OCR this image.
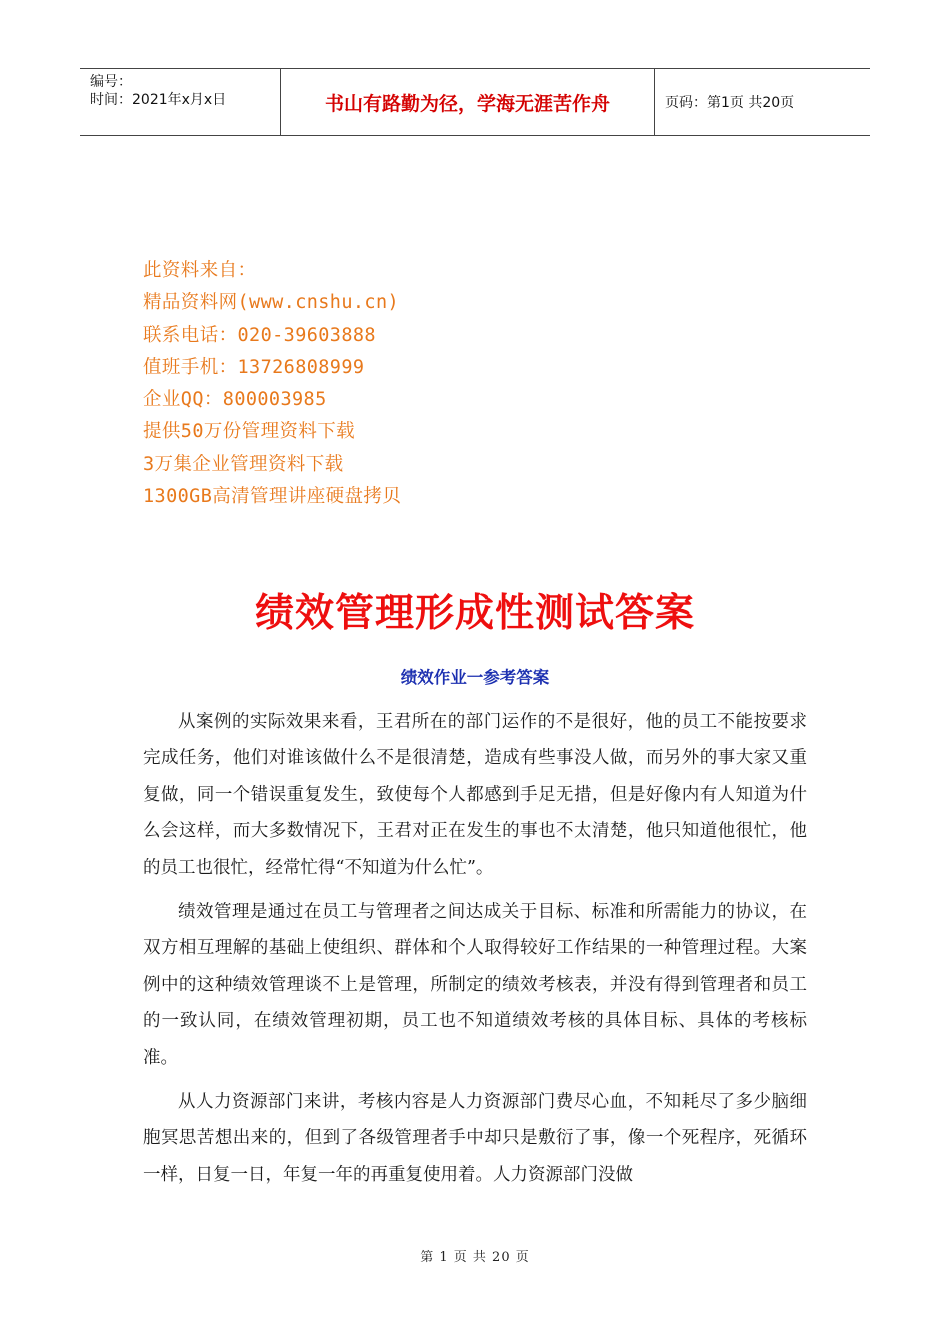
编号：
时间：2021年x月x日	书山有路勤为径，学海无涯苦作舟	页码：第1页 共20页
此资料来自：
精品资料网(www.cnshu.cn)
联系电话：020-39603888
值班手机：13726808999
企业QQ：800003985
提供50万份管理资料下载
3万集企业管理资料下载
1300GB高清管理讲座硬盘拷贝
绩效管理形成性测试答案
绩效作业一参考答案

从案例的实际效果来看，王君所在的部门运作的不是很好，他的员工不能按要求完成任务，他们对谁该做什么不是很清楚，造成有些事没人做，而另外的事大家又重复做，同一个错误重复发生，致使每个人都感到手足无措，但是好像内有人知道为什么会这样，而大多数情况下，王君对正在发生的事也不太清楚，他只知道他很忙，他的员工也很忙，经常忙得“不知道为什么忙”。

绩效管理是通过在员工与管理者之间达成关于目标、标准和所需能力的协议，在双方相互理解的基础上使组织、群体和个人取得较好工作结果的一种管理过程。大案例中的这种绩效管理谈不上是管理，所制定的绩效考核表，并没有得到管理者和员工的一致认同，在绩效管理初期，员工也不知道绩效考核的具体目标、具体的考核标准。

从人力资源部门来讲，考核内容是人力资源部门费尽心血，不知耗尽了多少脑细胞冥思苦想出来的，但到了各级管理者手中却只是敷衍了事，像一个死程序，死循环一样，日复一日，年复一年的再重复使用着。人力资源部门没做

第 1 页 共 20 页
